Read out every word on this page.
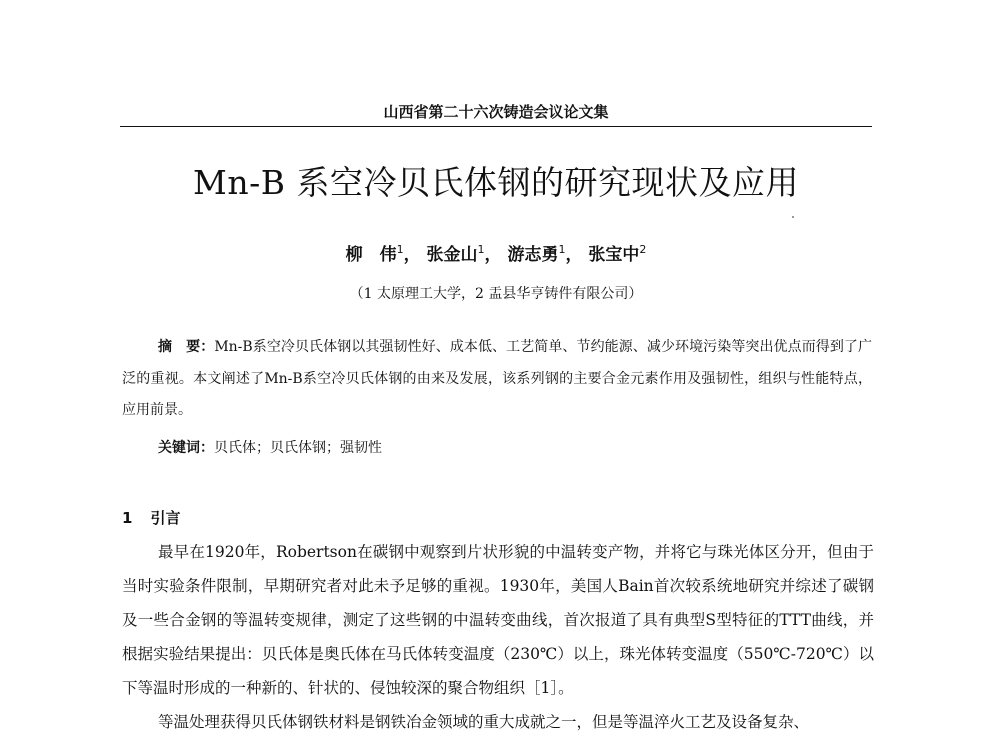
山西省第二十六次铸造会议论文集
Mn-B 系空冷贝氏体钢的研究现状及应用
柳　伟$^1$， 张金山$^1$， 游志勇$^1$， 张宝中$^2$
（1 太原理工大学，2 盂县华亨铸件有限公司）
摘　要：Mn-B系空冷贝氏体钢以其强韧性好、成本低、工艺简单、节约能源、减少环境污染等突出优点而得到了广泛的重视。本文阐述了Mn-B系空冷贝氏体钢的由来及发展，该系列钢的主要合金元素作用及强韧性，组织与性能特点，应用前景。
关键词：贝氏体；贝氏体钢；强韧性
1 引言
最早在1920年，Robertson在碳钢中观察到片状形貌的中温转变产物，并将它与珠光体区分开，但由于当时实验条件限制，早期研究者对此未予足够的重视。1930年，美国人Bain首次较系统地研究并综述了碳钢及一些合金钢的等温转变规律，测定了这些钢的中温转变曲线，首次报道了具有典型S型特征的TTT曲线，并根据实验结果提出：贝氏体是奥氏体在马氏体转变温度（230℃）以上，珠光体转变温度（550℃-720℃）以下等温时形成的一种新的、针状的、侵蚀较深的聚合物组织［1］。
等温处理获得贝氏体钢铁材料是钢铁冶金领域的重大成就之一，但是等温淬火工艺及设备复杂、
